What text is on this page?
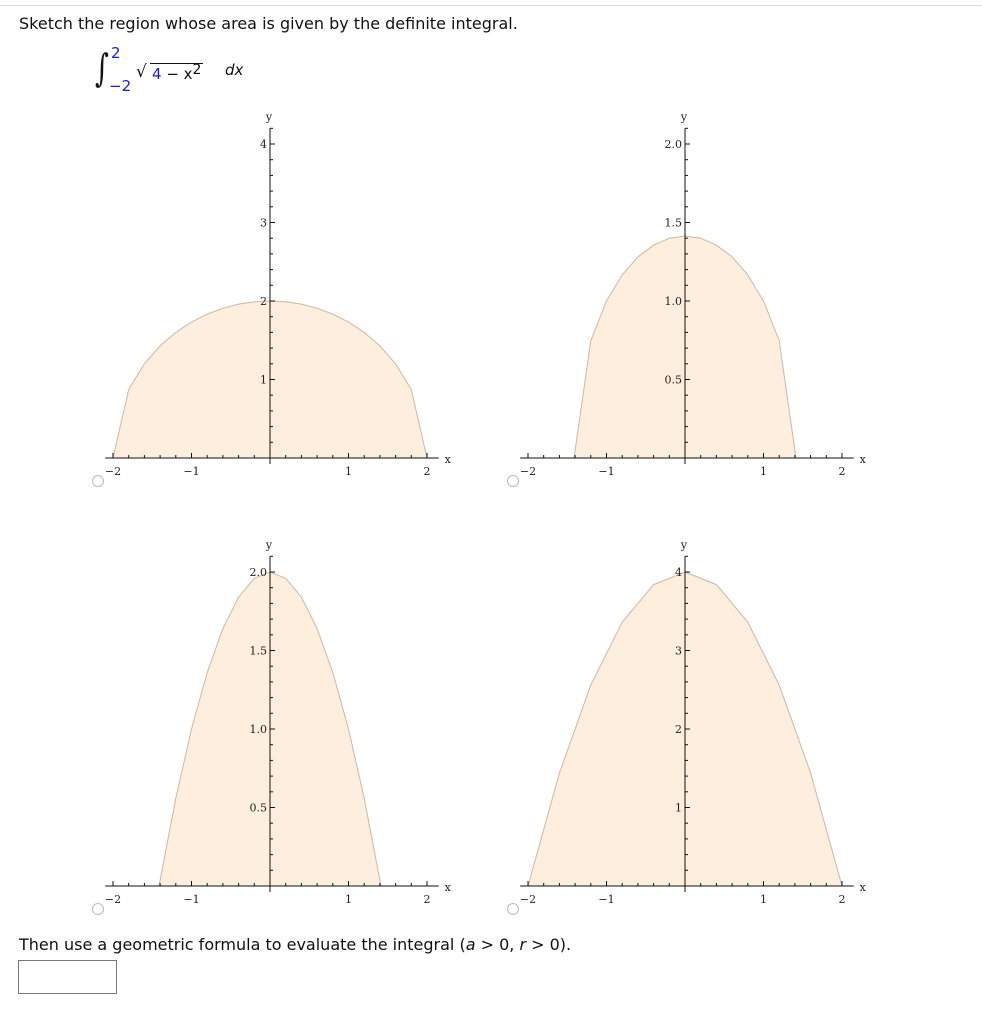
Sketch the region whose area is given by the definite integral.
∫ 2
−2
√ 4 − x2 dx
−2	−1	1	2
1
2
3
4
x
y
−2	−1	1	2
0.5
1.0
1.5
2.0
x
y
−2	−1	1	2
0.5
1.0
1.5
2.0
x
y
−2	−1	1	2
1
2
3
4
x
y
Then use a geometric formula to evaluate the integral (a > 0, r > 0).
